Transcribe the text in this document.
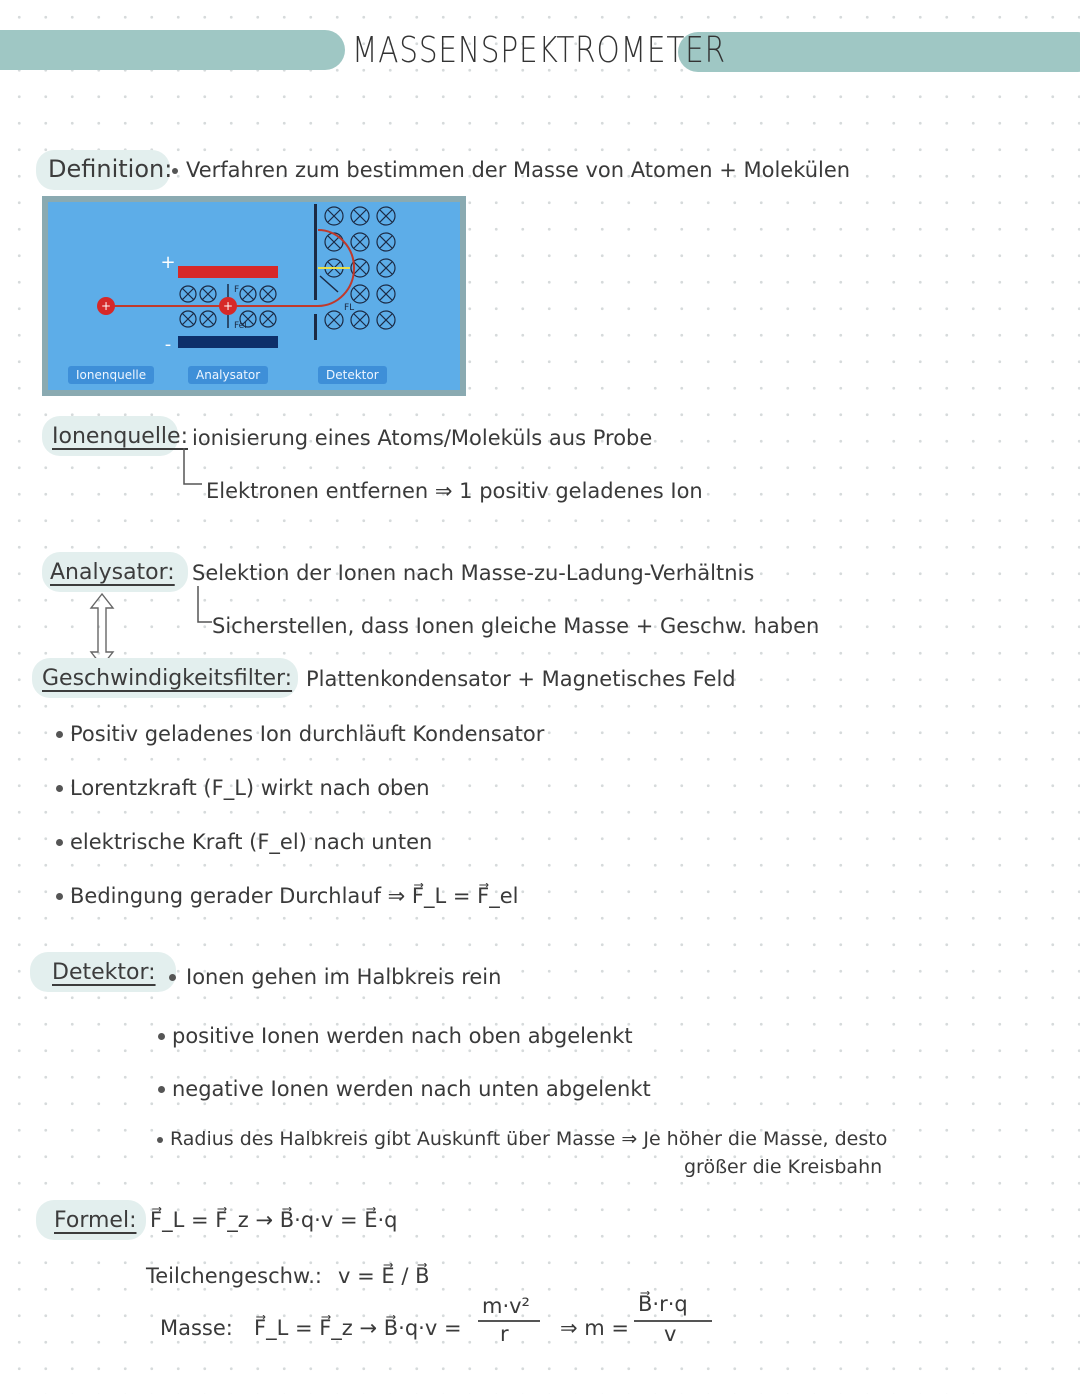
MASSENSPEKTROMETER
Definition: Verfahren zum bestimmen der Masse von Atomen + Molekülen
+
+
-
+
F
Fel
FL
Ionenquelle	Analysator	Detektor
Ionenquelle: ionisierung eines Atoms/Moleküls aus Probe
Elektronen entfernen ⇒ 1 positiv geladenes Ion
Analysator: Selektion der Ionen nach Masse-zu-Ladung-Verhältnis
Sicherstellen, dass Ionen gleiche Masse + Geschw. haben
Geschwindigkeitsfilter: Plattenkondensator + Magnetisches Feld
Positiv geladenes Ion durchläuft Kondensator
Lorentzkraft (F_L) wirkt nach oben
elektrische Kraft (F_el) nach unten
Bedingung gerader Durchlauf ⇒ F⃗_L = F⃗_el
Detektor: Ionen gehen im Halbkreis rein
positive Ionen werden nach oben abgelenkt
negative Ionen werden nach unten abgelenkt
Radius des Halbkreis gibt Auskunft über Masse ⇒ Je höher die Masse, desto
größer die Kreisbahn
Formel: F⃗_L = F⃗_z → B⃗·q·v = E⃗·q
Teilchengeschw.: v = E⃗ / B⃗
Masse: F⃗_L = F⃗_z → B⃗·q·v =
m·v²
r ⇒ m =
B⃗·r·q
v
